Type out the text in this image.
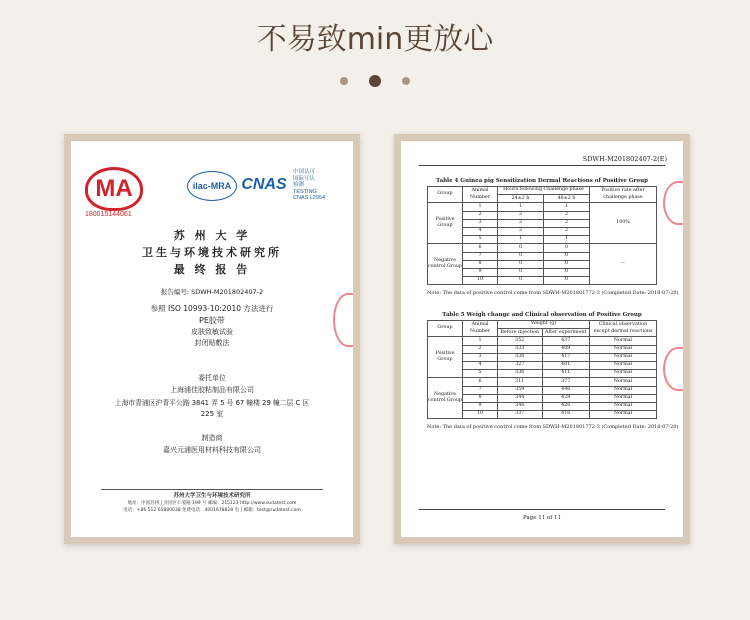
不易致min更放心

MA
180015144061
ilac-MRA CNAS
中国认可
国际互认
检测
TESTING
CNAS L2954
苏 州 大 学
卫生与环境技术研究所
最 终 报 告
报告编号: SDWH-M201802407-2
参照 ISO 10993-10:2010 方法进行
PE胶带
皮肤致敏试验
封闭贴敷法
委托单位
上海浦佳胶粘制品有限公司
上海市青浦区沪青平公路 3841 弄 5 号 67 幢楼 29 幢二层 C 区
225 室
制造商
嘉兴元浦医用材料科技有限公司
苏州大学卫生与环境技术研究所
地址：中国苏州工业园区仁爱路 199 号 邮编：215123 http://www.sudatest.com
电话：+86 512 65880038 免费电话：4001678828 电子邮箱：test@sudatest.com
SDWH-M201802407-2(E)
Table 4 Guinea pig Sensitization Dermal Reactions of Positive Group
Group	Animal Number	Hours following Challenge phase		Positive rate after challenge phase
		24±2 h	48±2 h	
Positive Group	1	1	1	100%
	2	2	2	
	3	2	2	
	4	2	2	
	5	1	1	
Negative control Group	6	0	0	--
	7	0	0	
	8	0	0	
	9	0	0	
	10	0	0	
Note: The data of positive control come from SDWH-M201801772-3 (Completed Date: 2018-07-20)
Table 5 Weigh change and Clinical observation of Positive Group
Group	Animal Number	Weight (g)		Clinical observation except dermal reactions
		Before injection	After experiment	
Positive Group	1	352	437	Normal
	2	333	409	Normal
	3	338	417	Normal
	4	327	401	Normal
	5	336	411	Normal
Negative control Group	6	311	377	Normal
	7	359	446	Normal
	8	344	428	Normal
	9	346	426	Normal
	10	337	416	Normal
Note: The data of positive control come from SDWH-M201801772-3 (Completed Date: 2018-07-20)
Page 11 of 11
